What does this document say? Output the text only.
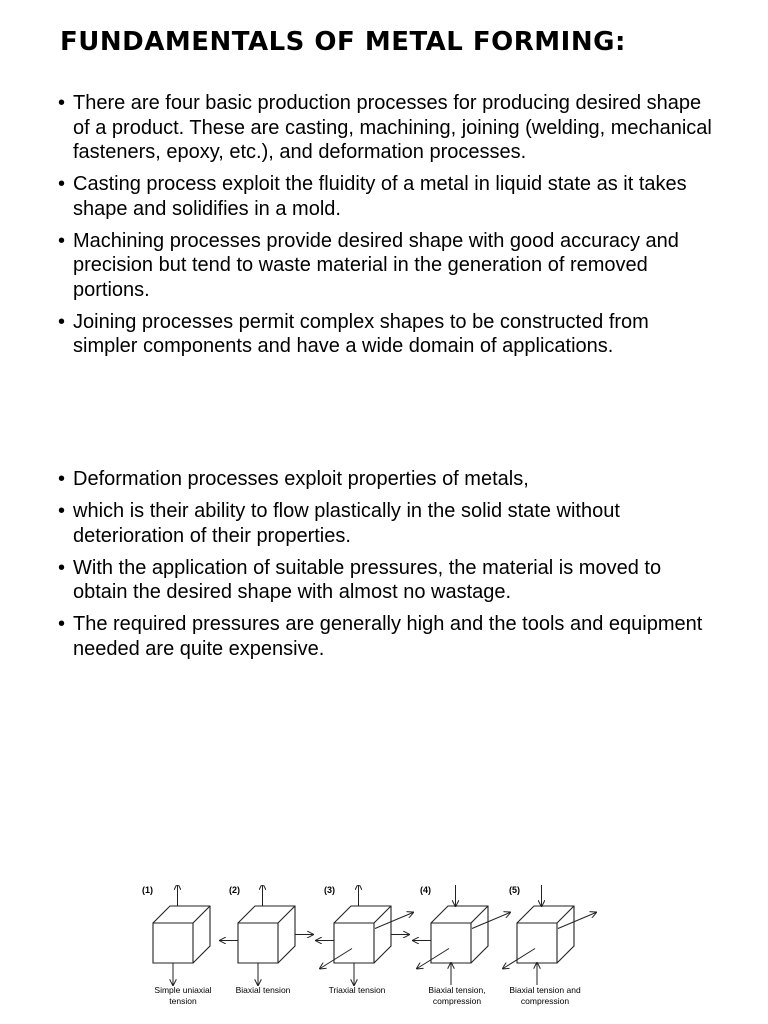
FUNDAMENTALS OF METAL FORMING:
• There are four basic production processes for producing desired shape of a product. These are casting, machining, joining (welding, mechanical fasteners, epoxy, etc.), and deformation processes.
• Casting process exploit the fluidity of a metal in liquid state as it takes shape and solidifies in a mold.
• Machining processes provide desired shape with good accuracy and precision but tend to waste material in the generation of removed portions.
• Joining processes permit complex shapes to be constructed from simpler components and have a wide domain of applications.
• Deformation processes exploit properties of metals,
• which is their ability to flow plastically in the solid state without deterioration of their properties.
• With the application of suitable pressures, the material is moved to obtain the desired shape with almost no wastage.
• The required pressures are generally high and the tools and equipment needed are quite expensive.
(1)	(2)	(3)	(4)	(5)
Simple uniaxial tension
Biaxial tension	Triaxial tension	Biaxial tension, compression
Biaxial tension and compression
